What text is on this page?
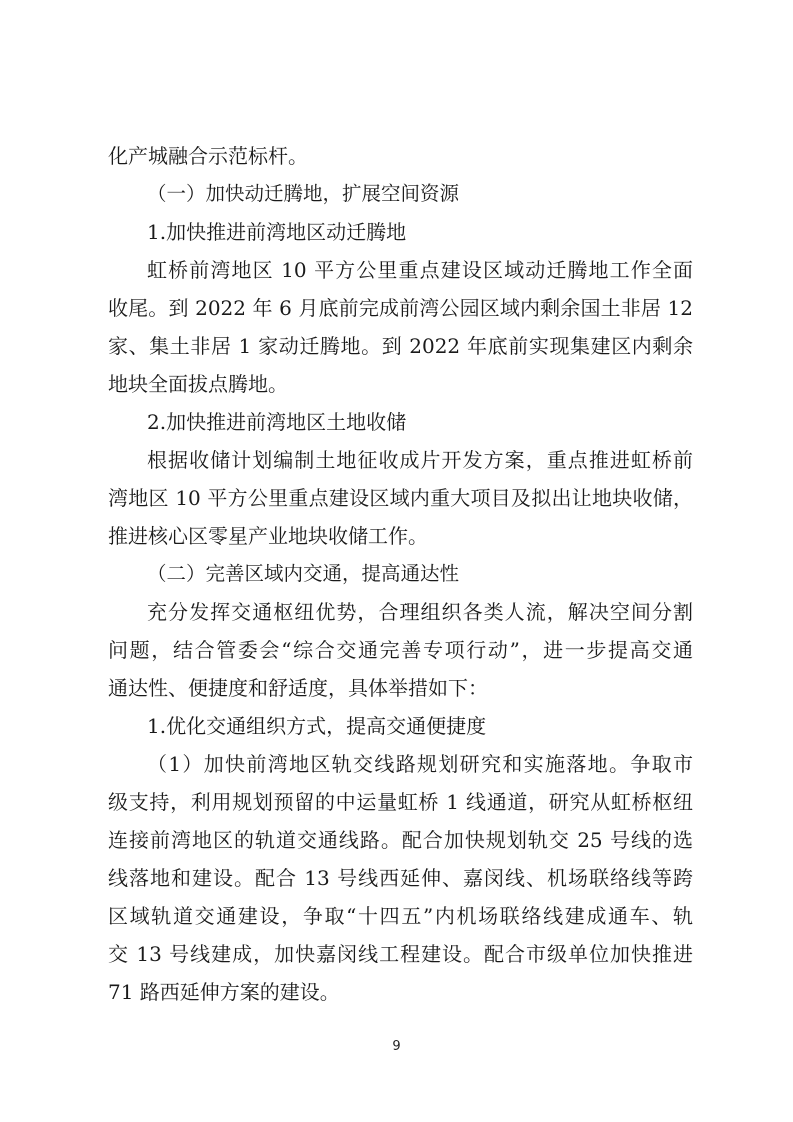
化产城融合示范标杆。
（一）加快动迁腾地，扩展空间资源
1.加快推进前湾地区动迁腾地
虹桥前湾地区 10 平方公里重点建设区域动迁腾地工作全面
收尾。到 2022 年 6 月底前完成前湾公园区域内剩余国土非居 12
家、集土非居 1 家动迁腾地。到 2022 年底前实现集建区内剩余
地块全面拔点腾地。
2.加快推进前湾地区土地收储
根据收储计划编制土地征收成片开发方案，重点推进虹桥前
湾地区 10 平方公里重点建设区域内重大项目及拟出让地块收储，
推进核心区零星产业地块收储工作。
（二）完善区域内交通，提高通达性
充分发挥交通枢纽优势，合理组织各类人流，解决空间分割
问题，结合管委会“综合交通完善专项行动”，进一步提高交通
通达性、便捷度和舒适度，具体举措如下：
1.优化交通组织方式，提高交通便捷度
（1）加快前湾地区轨交线路规划研究和实施落地。争取市
级支持，利用规划预留的中运量虹桥 1 线通道，研究从虹桥枢纽
连接前湾地区的轨道交通线路。配合加快规划轨交 25 号线的选
线落地和建设。配合 13 号线西延伸、嘉闵线、机场联络线等跨
区域轨道交通建设，争取“十四五”内机场联络线建成通车、轨
交 13 号线建成，加快嘉闵线工程建设。配合市级单位加快推进
71 路西延伸方案的建设。
9
